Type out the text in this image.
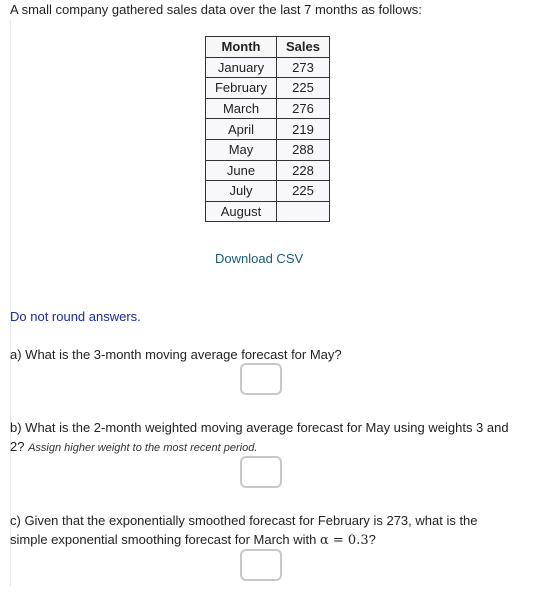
A small company gathered sales data over the last 7 months as follows:

Month	Sales
January	273
February	225
March	276
April	219
May	288
June	228
July	225
August	
Download CSV

Do not round answers.

a) What is the 3-month moving average forecast for May?

b) What is the 2-month weighted moving average forecast for May using weights 3 and 2? Assign higher weight to the most recent period.

c) Given that the exponentially smoothed forecast for February is 273, what is the simple exponential smoothing forecast for March with α = 0.3?
